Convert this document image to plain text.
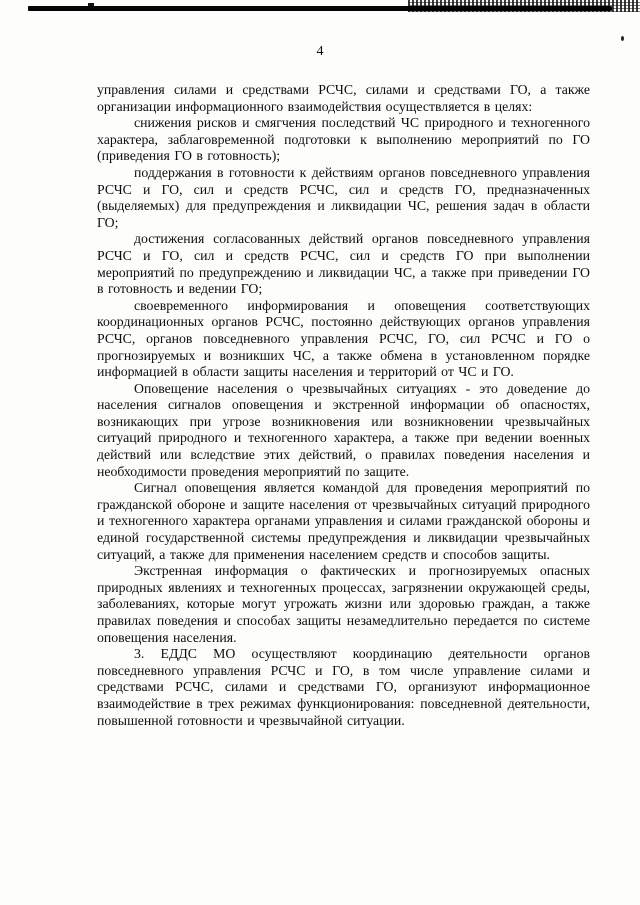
4

управления силами и средствами РСЧС, силами и средствами ГО, а также организации информационного взаимодействия осуществляется в целях:

снижения рисков и смягчения последствий ЧС природного и техногенного характера, заблаговременной подготовки к выполнению мероприятий по ГО (приведения ГО в готовность);

поддержания в готовности к действиям органов повседневного управления РСЧС и ГО, сил и средств РСЧС, сил и средств ГО, предназначенных (выделяемых) для предупреждения и ликвидации ЧС, решения задач в области ГО;

достижения согласованных действий органов повседневного управления РСЧС и ГО, сил и средств РСЧС, сил и средств ГО при выполнении мероприятий по предупреждению и ликвидации ЧС, а также при приведении ГО в готовность и ведении ГО;

своевременного информирования и оповещения соответствующих координационных органов РСЧС, постоянно действующих органов управления РСЧС, органов повседневного управления РСЧС, ГО, сил РСЧС и ГО о прогнозируемых и возникших ЧС, а также обмена в установленном порядке информацией в области защиты населения и территорий от ЧС и ГО.

Оповещение населения о чрезвычайных ситуациях - это доведение до населения сигналов оповещения и экстренной информации об опасностях, возникающих при угрозе возникновения или возникновении чрезвычайных ситуаций природного и техногенного характера, а также при ведении военных действий или вследствие этих действий, о правилах поведения населения и необходимости проведения мероприятий по защите.

Сигнал оповещения является командой для проведения мероприятий по гражданской обороне и защите населения от чрезвычайных ситуаций природного и техногенного характера органами управления и силами гражданской обороны и единой государственной системы предупреждения и ликвидации чрезвычайных ситуаций, а также для применения населением средств и способов защиты.

Экстренная информация о фактических и прогнозируемых опасных природных явлениях и техногенных процессах, загрязнении окружающей среды, заболеваниях, которые могут угрожать жизни или здоровью граждан, а также правилах поведения и способах защиты незамедлительно передается по системе оповещения населения.

3. ЕДДС МО осуществляют координацию деятельности органов повседневного управления РСЧС и ГО, в том числе управление силами и средствами РСЧС, силами и средствами ГО, организуют информационное взаимодействие в трех режимах функционирования: повседневной деятельности, повышенной готовности и чрезвычайной ситуации.
